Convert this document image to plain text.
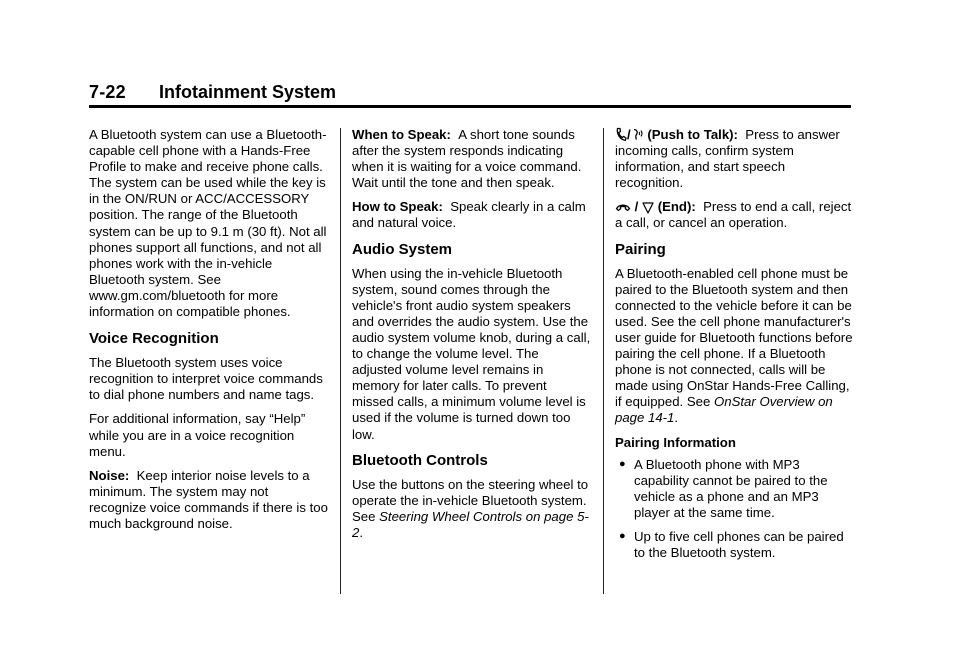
7-22 Infotainment System

A Bluetooth system can use a Bluetooth-capable cell phone with a Hands-Free Profile to make and receive phone calls. The system can be used while the key is in the ON/RUN or ACC/ACCESSORY position. The range of the Bluetooth system can be up to 9.1 m (30 ft). Not all phones support all functions, and not all phones work with the in-vehicle Bluetooth system. See www.gm.com/bluetooth for more information on compatible phones.

Voice Recognition

The Bluetooth system uses voice recognition to interpret voice commands to dial phone numbers and name tags.

For additional information, say “Help” while you are in a voice recognition menu.

Noise: Keep interior noise levels to a minimum. The system may not recognize voice commands if there is too much background noise.

When to Speak: A short tone sounds after the system responds indicating when it is waiting for a voice command. Wait until the tone and then speak.

How to Speak: Speak clearly in a calm and natural voice.

Audio System

When using the in-vehicle Bluetooth system, sound comes through the vehicle's front audio system speakers and overrides the audio system. Use the audio system volume knob, during a call, to change the volume level. The adjusted volume level remains in memory for later calls. To prevent missed calls, a minimum volume level is used if the volume is turned down too low.

Bluetooth Controls

Use the buttons on the steering wheel to operate the in-vehicle Bluetooth system. See Steering Wheel Controls on page 5-2.

/ (Push to Talk): Press to answer incoming calls, confirm system information, and start speech recognition.

/ (End): Press to end a call, reject a call, or cancel an operation.

Pairing

A Bluetooth-enabled cell phone must be paired to the Bluetooth system and then connected to the vehicle before it can be used. See the cell phone manufacturer's user guide for Bluetooth functions before pairing the cell phone. If a Bluetooth phone is not connected, calls will be made using OnStar Hands-Free Calling, if equipped. See OnStar Overview on page 14-1.

Pairing Information

● A Bluetooth phone with MP3 capability cannot be paired to the vehicle as a phone and an MP3 player at the same time.
● Up to five cell phones can be paired to the Bluetooth system.
